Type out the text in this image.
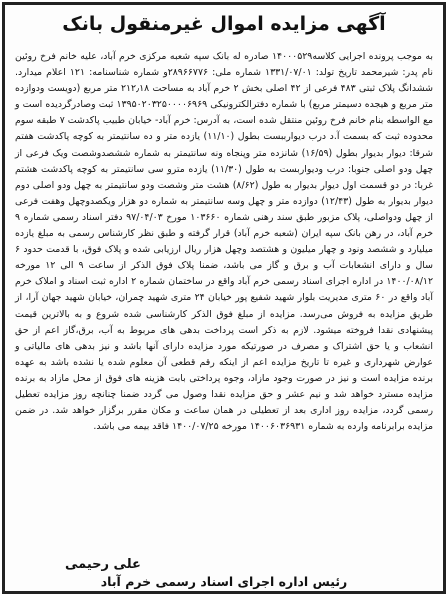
آگهی مزایده اموال غیرمنقول بانک
به موجب پرونده اجرایی کلاسه۱۴۰۰۰۵۲۹ صادره له بانک سپه شعبه مرکزی خرم آباد، علیه خانم فرخ روئین نام پدر: شیرمحمد تاریخ تولد: ۱۳۳۱/۰۷/۰۱ شماره ملی: ۲۸۹۶۶۷۷۶و شماره شناسنامه: ۱۲۱ اعلام میدارد. ششدانگ پلاک ثبتی ۴۸۳ فرعی از ۴۲ اصلی بخش ۲ خرم آباد به مساحت ۲۱۲٫۱۸ متر مربع (دویست ودوازده متر مربع و هیجده دسیمتر مربع) با شماره دفترالکترونیکی ۱۳۹۵۰۲۰۳۲۵۰۰۰۰۶۹۶۹ ثبت وصادرگردیده است و مع الواسطه بنام خانم فرخ روئین منتقل شده است، به آدرس: خرم آباد- خیابان طبیب پاکدشت ۷ طبقه سوم محدوده ثبت که بسمت آ.د درب دیوارببست بطول (۱۱/۱۰) یازده متر و ده سانتیمتر به کوچه پاکدشت هفتم شرقا: دیوار بدیوار بطول (۱۶/۵۹) شانزده متر وپنجاه ونه سانتیمتر به شماره ششصدوشصت ویک فرعی از چهل ودو اصلی جنوبا: درب ودیواربست به طول (۱۱/۳۰) یازده مترو سی سانتیمتر به کوچه پاکدشت هشتم غربا: در دو قسمت اول دیوار بدیوار به طول (۸/۶۲) هشت متر وشصت ودو سانتیمتر به چهل ودو اصلی دوم دیوار بدیوار به طول (۱۲/۴۳) دوازده متر و چهل وسه سانتیمتر به شماره دو هزار ویکصدوچهل وهفت فرعی از چهل ودواصلی، پلاک مزبور طبق سند رهنی شماره ۱۰۳۶۶۰ مورخ ۹۷/۰۴/۰۳ دفتر اسناد رسمی شماره ۹ خرم آباد، در رهن بانک سپه ایران (شعبه خرم آباد) قرار گرفته و طبق نظر کارشناس رسمی به مبلغ یازده میلیارد و ششصد ونود و چهار میلیون و هشتصد وچهل هزار ریال ارزیابی شده و پلاک فوق، با قدمت حدود ۶ سال و دارای انشعابات آب و برق و گاز می باشد، ضمنا پلاک فوق الذکر از ساعت ۹ الی ۱۲ مورخه ۱۴۰۰/۰۸/۱۲ در اداره اجرای اسناد رسمی خرم آباد واقع در ساختمان شماره ۲ اداره ثبت اسناد و املاک خرم آباد واقع در ۶۰ متری مدیریت بلوار شهید شفیع پور خیابان ۲۴ متری شهید چمران، خیابان شهید جهان آرا، از طریق مزایده به فروش می‌رسد. مزایده از مبلغ فوق الذکر کارشناسی شده شروع و به بالاترین قیمت پیشنهادی نقدا فروخته میشود. لازم به ذکر است پرداخت بدهی های مربوط به آب، برق،گاز اعم از حق انشعاب و یا حق اشتراک و مصرف در صورتیکه مورد مزایده دارای آنها باشد و نیز بدهی های مالیاتی و عوارض شهرداری و غیره تا تاریخ مزایده اعم از اینکه رقم قطعی آن معلوم شده یا نشده باشد به عهده برنده مزایده است و نیز در صورت وجود مازاد، وجوه پرداختی بابت هزینه های فوق از محل مازاد به برنده مزایده مسترد خواهد شد و نیم عشر و حق مزایده نقدا وصول می گردد ضمنا چنانچه روز مزایده تعطیل رسمی گردد، مزایده روز اداری بعد از تعطیلی در همان ساعت و مکان مقرر برگزار خواهد شد. در ضمن مزایده برابرنامه وارده به شماره ۱۴۰۰۶۰۳۶۹۳۱ مورخه ۱۴۰۰/۰۷/۲۵ فاقد بیمه می باشد.
علی رحیمی
رئیس اداره اجرای اسناد رسمی خرم آباد
